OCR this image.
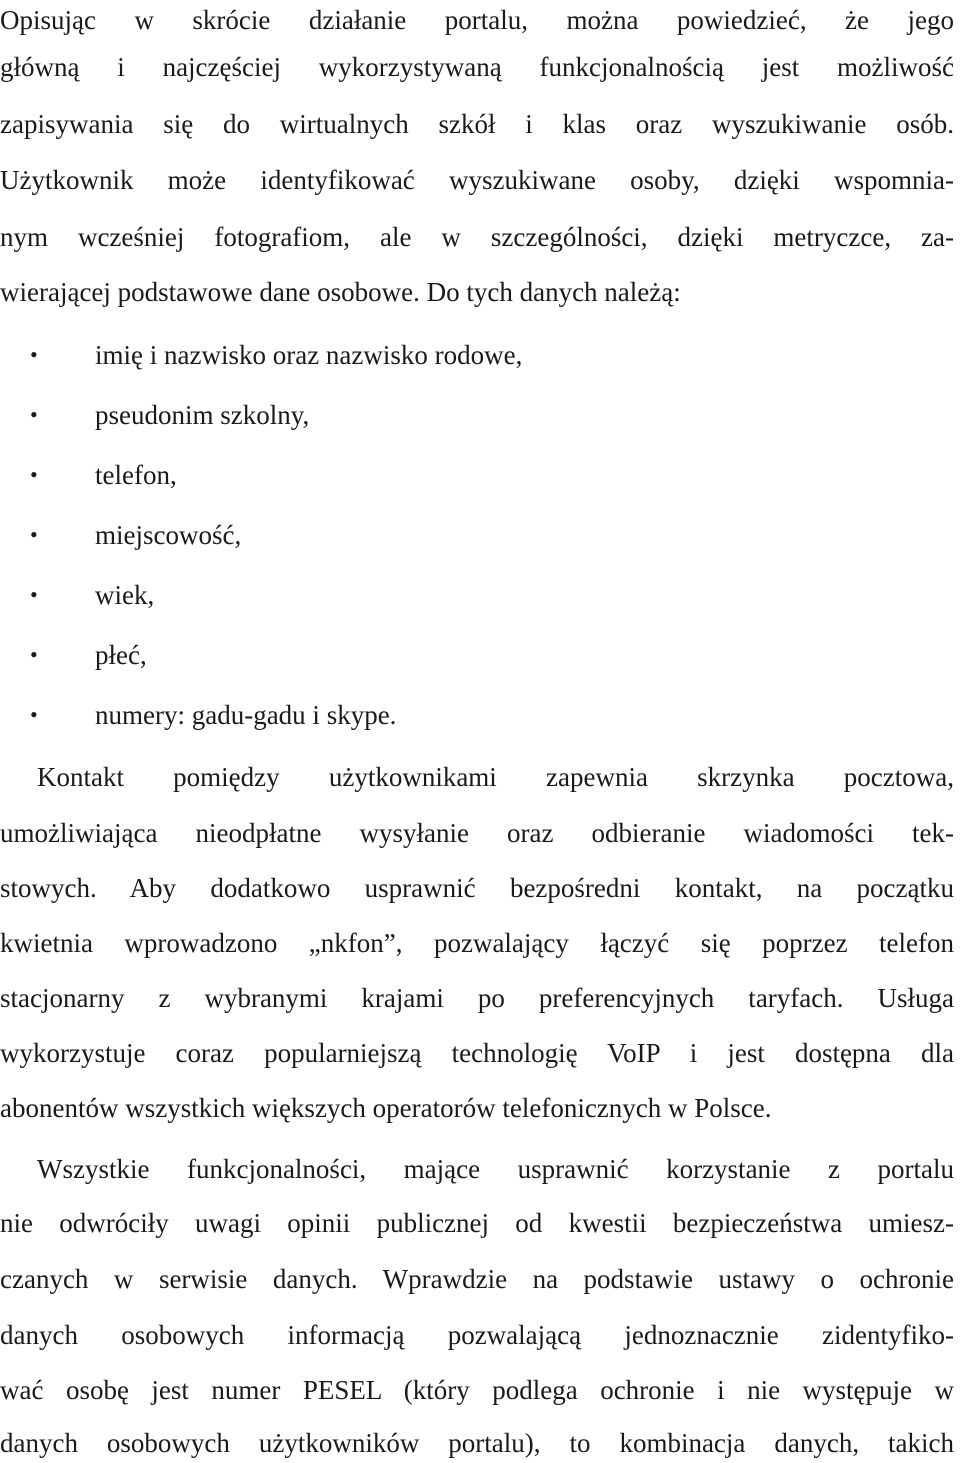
Opisując w skrócie działanie portalu, można powiedzieć, że jego
główną i najczęściej wykorzystywaną funkcjonalnością jest możliwość
zapisywania się do wirtualnych szkół i klas oraz wyszukiwanie osób.
Użytkownik może identyfikować wyszukiwane osoby, dzięki wspomnia-
nym wcześniej fotografiom, ale w szczególności, dzięki metryczce, za-
wierającej podstawowe dane osobowe. Do tych danych należą:
• imię i nazwisko oraz nazwisko rodowe,
• pseudonim szkolny,
• telefon,
• miejscowość,
• wiek,
• płeć,
• numery: gadu-gadu i skype.
Kontakt pomiędzy użytkownikami zapewnia skrzynka pocztowa,
umożliwiająca nieodpłatne wysyłanie oraz odbieranie wiadomości tek-
stowych. Aby dodatkowo usprawnić bezpośredni kontakt, na początku
kwietnia wprowadzono „nkfon”, pozwalający łączyć się poprzez telefon
stacjonarny z wybranymi krajami po preferencyjnych taryfach. Usługa
wykorzystuje coraz popularniejszą technologię VoIP i jest dostępna dla
abonentów wszystkich większych operatorów telefonicznych w Polsce.
Wszystkie funkcjonalności, mające usprawnić korzystanie z portalu
nie odwróciły uwagi opinii publicznej od kwestii bezpieczeństwa umiesz-
czanych w serwisie danych. Wprawdzie na podstawie ustawy o ochronie
danych osobowych informacją pozwalającą jednoznacznie zidentyfiko-
wać osobę jest numer PESEL (który podlega ochronie i nie występuje w
danych osobowych użytkowników portalu), to kombinacja danych, takich
